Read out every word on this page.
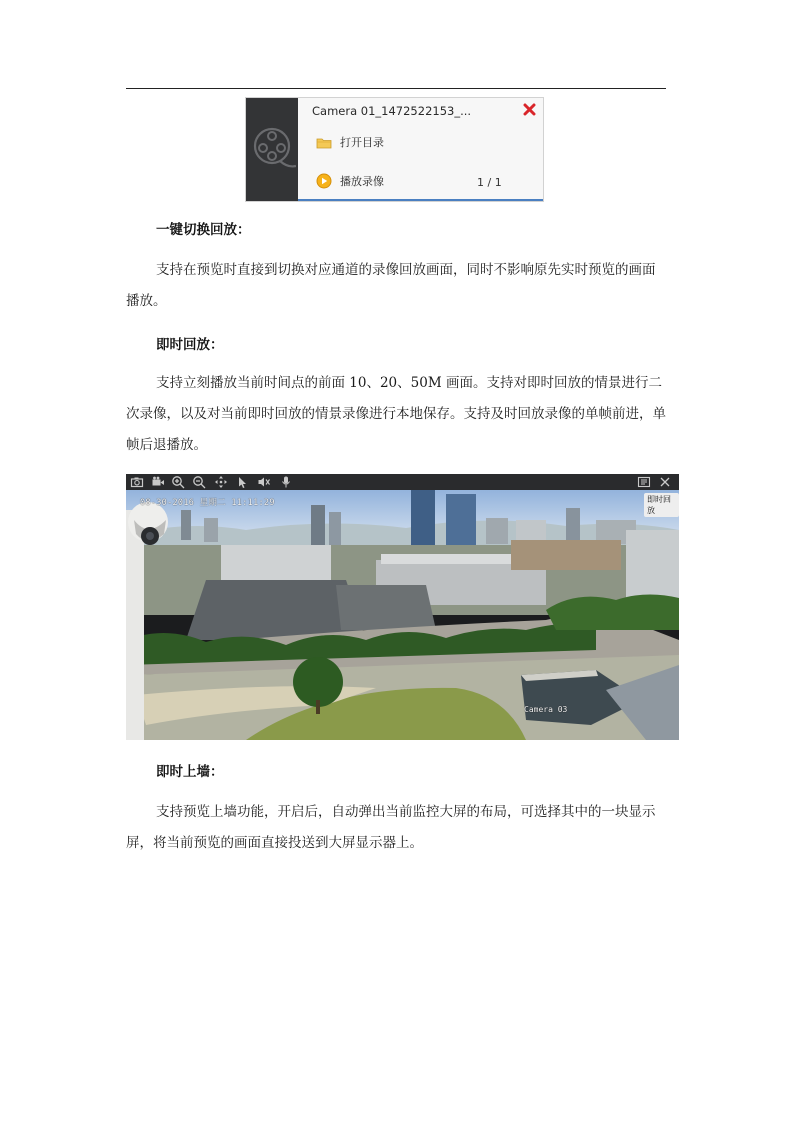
Camera 01_1472522153_...
打开目录
播放录像	1 / 1
一键切换回放：
支持在预览时直接到切换对应通道的录像回放画面，同时不影响原先实时预览的画面播放。
即时回放：
支持立刻播放当前时间点的前面 10、20、50M 画面。支持对即时回放的情景进行二次录像，以及对当前即时回放的情景录像进行本地保存。支持及时回放录像的单帧前进，单帧后退播放。
08-30-2016 星期二 11:11:29	即时回放
Camera 03
即时上墙：
支持预览上墙功能，开启后，自动弹出当前监控大屏的布局，可选择其中的一块显示屏，将当前预览的画面直接投送到大屏显示器上。
